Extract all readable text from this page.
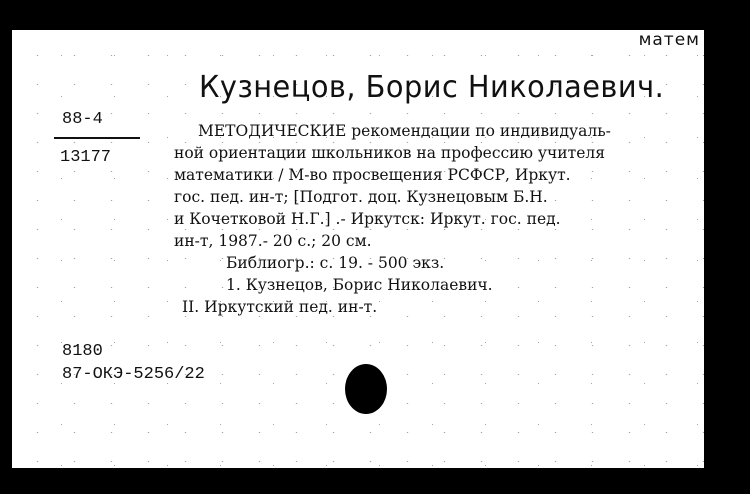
матем
Кузнецов, Борис Николаевич.
88-4
13177
МЕТОДИЧЕСКИЕ рекомендации по индивидуаль-
ной ориентации школьников на профессию учителя
математики / М-во просвещения РСФСР, Иркут.
гос. пед. ин-т; [Подгот. доц. Кузнецовым Б.Н.
и Кочетковой Н.Г.] .- Иркутск: Иркут. гос. пед.
ин-т, 1987.- 20 с.; 20 см.
Библиогр.: с. 19. - 500 экз.
1. Кузнецов, Борис Николаевич.
II. Иркутский пед. ин-т.
8180
87-ОКЭ-5256/22
